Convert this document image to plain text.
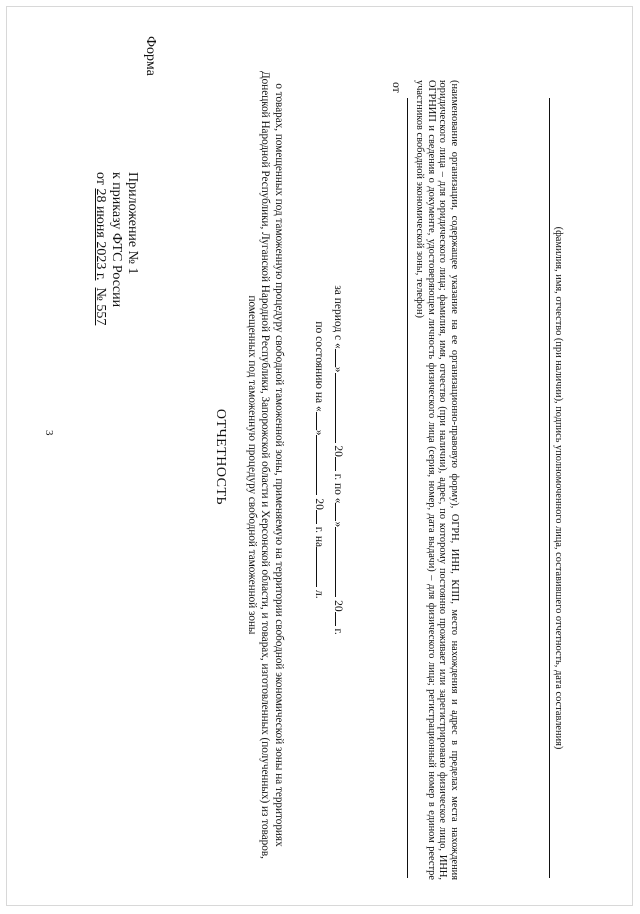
3
Приложение № 1
к приказу ФТС России
от 28 июня 2023 г.  № 557
Форма
ОТЧЕТНОСТЬ	о товарах, помещенных под таможенную процедуру свободной таможенной зоны, применяемую на территории свободной экономической зоны на территориях Донецкой Народной Республики, Луганской Народной Республики, Запорожской области и Херсонской области, и товарах, изготовленных (полученных) из товаров, помещенных под таможенную процедуру свободной таможенной зоны	за период с «» 20 г. по «» 20 г.
по состоянию на «» 20 г. на л.
от	(наименование организации, содержащее указание на ее организационно-правовую форму), ОГРН, ИНН, КПП, место нахождения и адрес в пределах места нахождения юридического лица – для юридического лица; фамилия, имя, отчество (при наличии), адрес, по которому постоянно проживает или зарегистрировано физическое лицо, ИНН, ОГРНИП и сведения о документе, удостоверяющем личность физического лица (серия, номер, дата выдачи) – для физического лица; регистрационный номер в едином реестре участников свободной экономической зоны, телефон)
(фамилия, имя, отчество (при наличии), подпись уполномоченного лица, составившего отчетность, дата составления)
